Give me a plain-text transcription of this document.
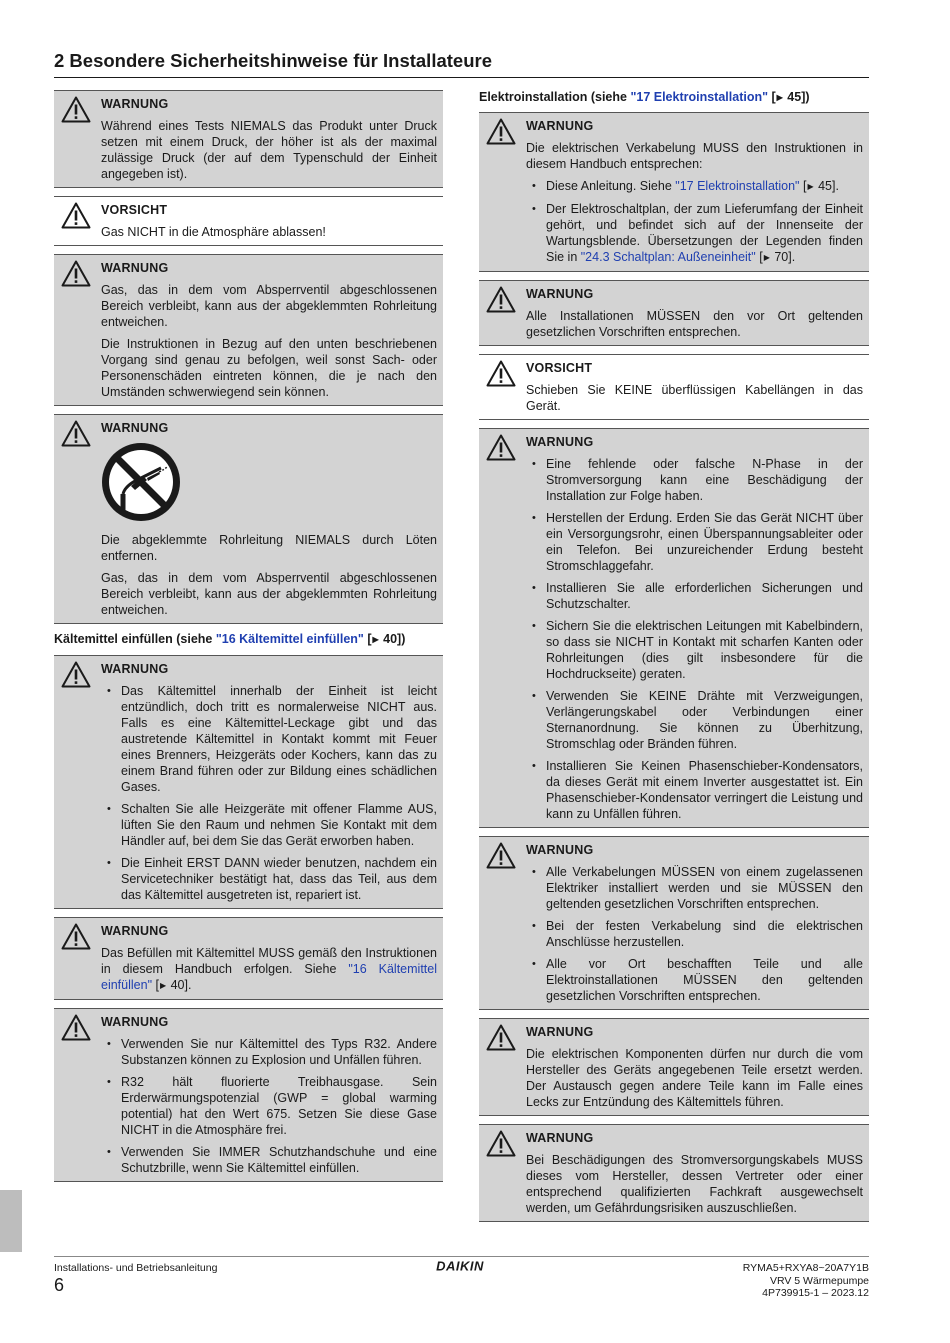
2 Besondere Sicherheitshinweise für Installateure
WARNUNG

Während eines Tests NIEMALS das Produkt unter Druck setzen mit einem Druck, der höher ist als der maximal zulässige Druck (der auf dem Typenschuld der Einheit angegeben ist).

VORSICHT

Gas NICHT in die Atmosphäre ablassen!

WARNUNG

Gas, das in dem vom Absperrventil abgeschlossenen Bereich verbleibt, kann aus der abgeklemmten Rohrleitung entweichen.

Die Instruktionen in Bezug auf den unten beschriebenen Vorgang sind genau zu befolgen, weil sonst Sach- oder Personenschäden eintreten können, die je nach den Umständen schwerwiegend sein können.

WARNUNG

Die abgeklemmte Rohrleitung NIEMALS durch Löten entfernen.

Gas, das in dem vom Absperrventil abgeschlossenen Bereich verbleibt, kann aus der abgeklemmten Rohrleitung entweichen.

Kältemittel einfüllen (siehe "16 Kältemittel einfüllen" [▶ 40])
WARNUNG
• Das Kältemittel innerhalb der Einheit ist leicht entzündlich, doch tritt es normalerweise NICHT aus. Falls es eine Kältemittel-Leckage gibt und das austretende Kältemittel in Kontakt kommt mit Feuer eines Brenners, Heizgeräts oder Kochers, kann das zu einem Brand führen oder zur Bildung eines schädlichen Gases.
• Schalten Sie alle Heizgeräte mit offener Flamme AUS, lüften Sie den Raum und nehmen Sie Kontakt mit dem Händler auf, bei dem Sie das Gerät erworben haben.
• Die Einheit ERST DANN wieder benutzen, nachdem ein Servicetechniker bestätigt hat, dass das Teil, aus dem das Kältemittel ausgetreten ist, repariert ist.
WARNUNG

Das Befüllen mit Kältemittel MUSS gemäß den Instruktionen in diesem Handbuch erfolgen. Siehe "16 Kältemittel einfüllen" [▶ 40].

WARNUNG
• Verwenden Sie nur Kältemittel des Typs R32. Andere Substanzen können zu Explosion und Unfällen führen.
• R32 hält fluorierte Treibhausgase. Sein Erderwärmungspotenzial (GWP = global warming potential) hat den Wert 675. Setzen Sie diese Gase NICHT in die Atmosphäre frei.
• Verwenden Sie IMMER Schutzhandschuhe und eine Schutzbrille, wenn Sie Kältemittel einfüllen.
Elektroinstallation (siehe "17 Elektroinstallation" [▶ 45])
WARNUNG

Die elektrischen Verkabelung MUSS den Instruktionen in diesem Handbuch entsprechen:

• Diese Anleitung. Siehe "17 Elektroinstallation" [▶ 45].
• Der Elektroschaltplan, der zum Lieferumfang der Einheit gehört, und befindet sich auf der Innenseite der Wartungsblende. Übersetzungen der Legenden finden Sie in "24.3 Schaltplan: Außeneinheit" [▶ 70].
WARNUNG

Alle Installationen MÜSSEN den vor Ort geltenden gesetzlichen Vorschriften entsprechen.

VORSICHT

Schieben Sie KEINE überflüssigen Kabellängen in das Gerät.

WARNUNG
• Eine fehlende oder falsche N-Phase in der Stromversorgung kann eine Beschädigung der Installation zur Folge haben.
• Herstellen der Erdung. Erden Sie das Gerät NICHT über ein Versorgungsrohr, einen Überspannungsableiter oder ein Telefon. Bei unzureichender Erdung besteht Stromschlaggefahr.
• Installieren Sie alle erforderlichen Sicherungen und Schutzschalter.
• Sichern Sie die elektrischen Leitungen mit Kabelbindern, so dass sie NICHT in Kontakt mit scharfen Kanten oder Rohrleitungen (dies gilt insbesondere für die Hochdruckseite) geraten.
• Verwenden Sie KEINE Drähte mit Verzweigungen, Verlängerungskabel oder Verbindungen einer Sternanordnung. Sie können zu Überhitzung, Stromschlag oder Bränden führen.
• Installieren Sie Keinen Phasenschieber-Kondensators, da dieses Gerät mit einem Inverter ausgestattet ist. Ein Phasenschieber-Kondensator verringert die Leistung und kann zu Unfällen führen.
WARNUNG
• Alle Verkabelungen MÜSSEN von einem zugelassenen Elektriker installiert werden und sie MÜSSEN den geltenden gesetzlichen Vorschriften entsprechen.
• Bei der festen Verkabelung sind die elektrischen Anschlüsse herzustellen.
• Alle vor Ort beschafften Teile und alle Elektroinstallationen MÜSSEN den geltenden gesetzlichen Vorschriften entsprechen.
WARNUNG

Die elektrischen Komponenten dürfen nur durch die vom Hersteller des Geräts angegebenen Teile ersetzt werden. Der Austausch gegen andere Teile kann im Falle eines Lecks zur Entzündung des Kältemittels führen.

WARNUNG

Bei Beschädigungen des Stromversorgungskabels MUSS dieses vom Hersteller, dessen Vertreter oder einer entsprechend qualifizierten Fachkraft ausgewechselt werden, um Gefährdungsrisiken auszuschließen.

Installations- und Betriebsanleitung
6
DAIKIN	RYMA5+RXYA8~20A7Y1B
VRV 5 Wärmepumpe
4P739915-1 – 2023.12
